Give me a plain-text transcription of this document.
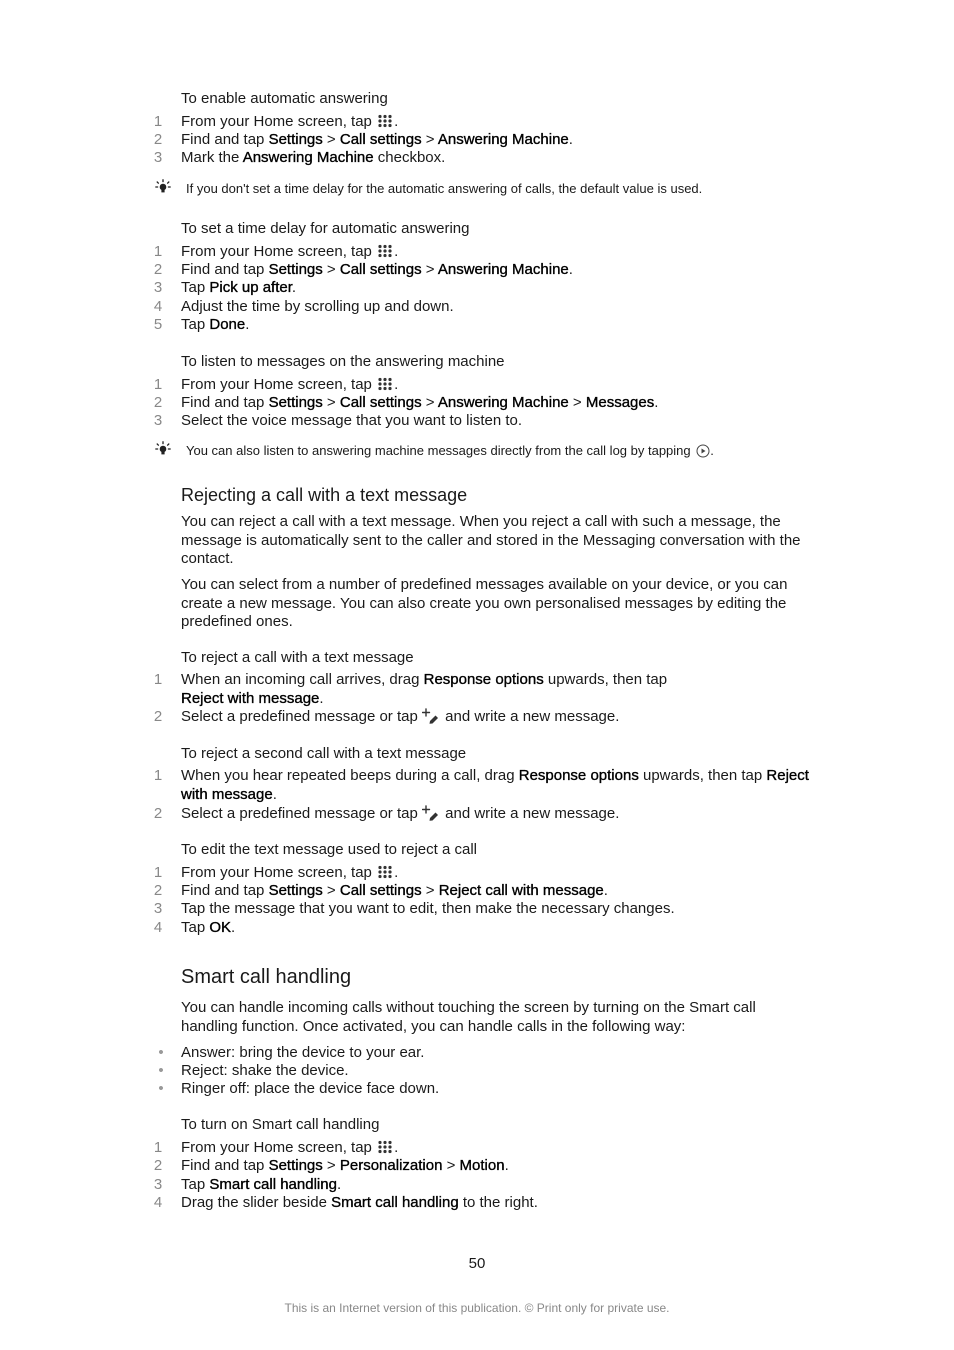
To enable automatic answering
1 From your Home screen, tap .
2 Find and tap Settings > Call settings > Answering Machine.
3 Mark the Answering Machine checkbox.
If you don't set a time delay for the automatic answering of calls, the default value is used.
To set a time delay for automatic answering
1 From your Home screen, tap .
2 Find and tap Settings > Call settings > Answering Machine.
3 Tap Pick up after.
4 Adjust the time by scrolling up and down.
5 Tap Done.
To listen to messages on the answering machine
1 From your Home screen, tap .
2 Find and tap Settings > Call settings > Answering Machine > Messages.
3 Select the voice message that you want to listen to.
You can also listen to answering machine messages directly from the call log by tapping .
Rejecting a call with a text message
You can reject a call with a text message. When you reject a call with such a message, the message is automatically sent to the caller and stored in the Messaging conversation with the contact.
You can select from a number of predefined messages available on your device, or you can create a new message. You can also create you own personalised messages by editing the predefined ones.
To reject a call with a text message
1 When an incoming call arrives, drag Response options upwards, then tap
Reject with message.
2 Select a predefined message or tap  and write a new message.
To reject a second call with a text message
1 When you hear repeated beeps during a call, drag Response options upwards, then tap Reject with message.
2 Select a predefined message or tap  and write a new message.
To edit the text message used to reject a call
1 From your Home screen, tap .
2 Find and tap Settings > Call settings > Reject call with message.
3 Tap the message that you want to edit, then make the necessary changes.
4 Tap OK.
Smart call handling
You can handle incoming calls without touching the screen by turning on the Smart call handling function. Once activated, you can handle calls in the following way:
•	Answer: bring the device to your ear.
•	Reject: shake the device.
•	Ringer off: place the device face down.
To turn on Smart call handling
1 From your Home screen, tap .
2 Find and tap Settings > Personalization > Motion.
3 Tap Smart call handling.
4 Drag the slider beside Smart call handling to the right.
50
This is an Internet version of this publication. © Print only for private use.
